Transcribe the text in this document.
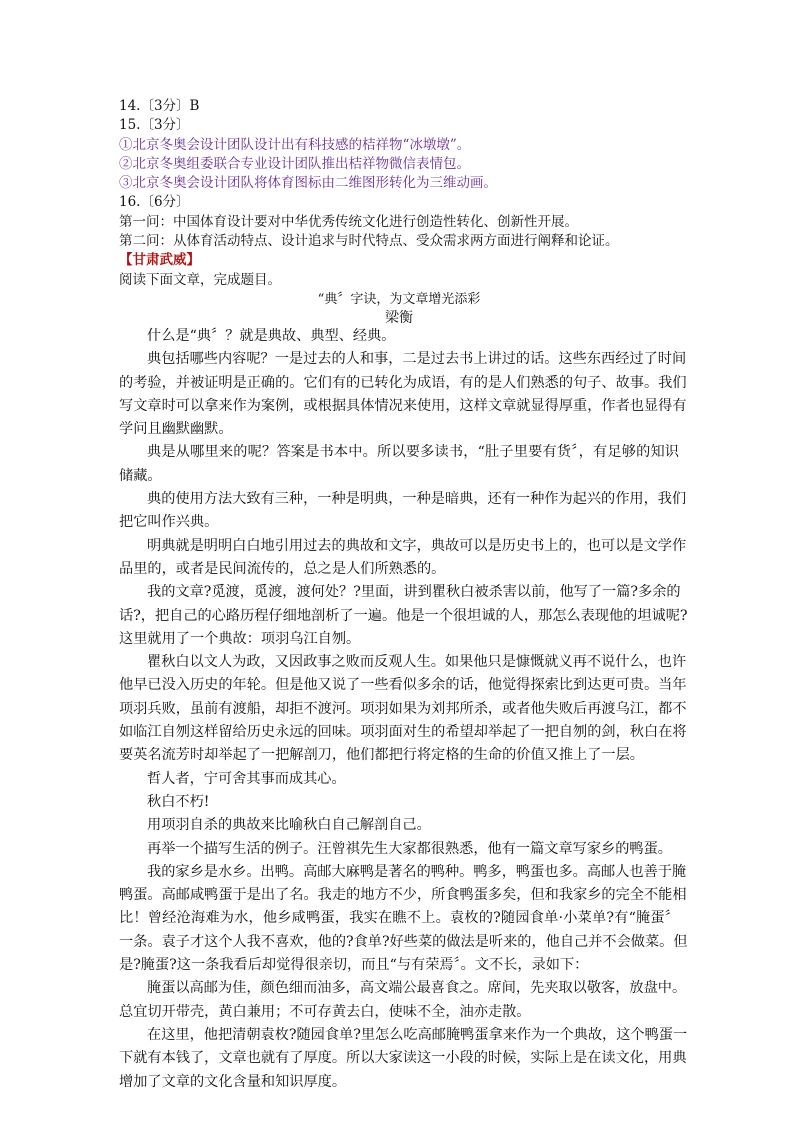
14.〔3分〕B
15.〔3分〕
①北京冬奥会设计团队设计出有科技感的桔祥物“冰墩墩”。
②北京冬奥组委联合专业设计团队推出桔祥物微信表情包。
③北京冬奥会设计团队将体育图标由二维图形转化为三维动画。
16.〔6分〕
第一问：中国体育设计要对中华优秀传统文化进行创造性转化、创新性开展。
第二问：从体育活动特点、设计追求与时代特点、受众需求两方面进行阐释和论证。
【甘肃武威】
阅读下面文章，完成题目。
“典〞字诀，为文章增光添彩
梁衡
什么是“典〞？就是典故、典型、经典。
典包括哪些内容呢？一是过去的人和事，二是过去书上讲过的话。这些东西经过了时间
的考验，并被证明是正确的。它们有的已转化为成语，有的是人们熟悉的句子、故事。我们
写文章时可以拿来作为案例，或根据具体情况来使用，这样文章就显得厚重，作者也显得有
学问且幽默幽默。
典是从哪里来的呢？答案是书本中。所以要多读书，“肚子里要有货〞，有足够的知识
储藏。
典的使用方法大致有三种，一种是明典，一种是暗典，还有一种作为起兴的作用，我们
把它叫作兴典。
明典就是明明白白地引用过去的典故和文字，典故可以是历史书上的，也可以是文学作
品里的，或者是民间流传的，总之是人们所熟悉的。
我的文章?觅渡，觅渡，渡何处？?里面，讲到瞿秋白被杀害以前，他写了一篇?多余的
话?，把自己的心路历程仔细地剖析了一遍。他是一个很坦诚的人，那怎么表现他的坦诚呢?
这里就用了一个典故：项羽乌江自刎。
瞿秋白以文人为政，又因政事之败而反观人生。如果他只是慷慨就义再不说什么，也许
他早已没入历史的年轮。但是他又说了一些看似多余的话，他觉得探索比到达更可贵。当年
项羽兵败，虽前有渡船，却拒不渡河。项羽如果为刘邦所杀，或者他失败后再渡乌江，都不
如临江自刎这样留给历史永远的回味。项羽面对生的希望却举起了一把自刎的剑，秋白在将
要英名流芳时却举起了一把解剖刀，他们都把行将定格的生命的价值又推上了一层。
哲人者，宁可舍其事而成其心。
秋白不朽!
用项羽自杀的典故来比喻秋白自己解剖自己。
再举一个描写生活的例子。汪曾祺先生大家都很熟悉，他有一篇文章写家乡的鸭蛋。
我的家乡是水乡。出鸭。高邮大麻鸭是著名的鸭种。鸭多，鸭蛋也多。高邮人也善于腌
鸭蛋。高邮咸鸭蛋于是出了名。我走的地方不少，所食鸭蛋多矣，但和我家乡的完全不能相
比！曾经沧海难为水，他乡咸鸭蛋，我实在瞧不上。袁枚的?随园食单·小菜单?有“腌蛋〞
一条。袁子才这个人我不喜欢，他的?食单?好些菜的做法是听来的，他自己并不会做菜。但
是?腌蛋?这一条我看后却觉得很亲切，而且“与有荣焉〞。文不长，录如下：
腌蛋以高邮为佳，颜色细而油多，高文端公最喜食之。席间，先夹取以敬客，放盘中。
总宜切开带壳，黄白兼用；不可存黄去白，使味不全，油亦走散。
在这里，他把清朝袁枚?随园食单?里怎么吃高邮腌鸭蛋拿来作为一个典故，这个鸭蛋一
下就有本钱了，文章也就有了厚度。所以大家读这一小段的时候，实际上是在读文化，用典
增加了文章的文化含量和知识厚度。
